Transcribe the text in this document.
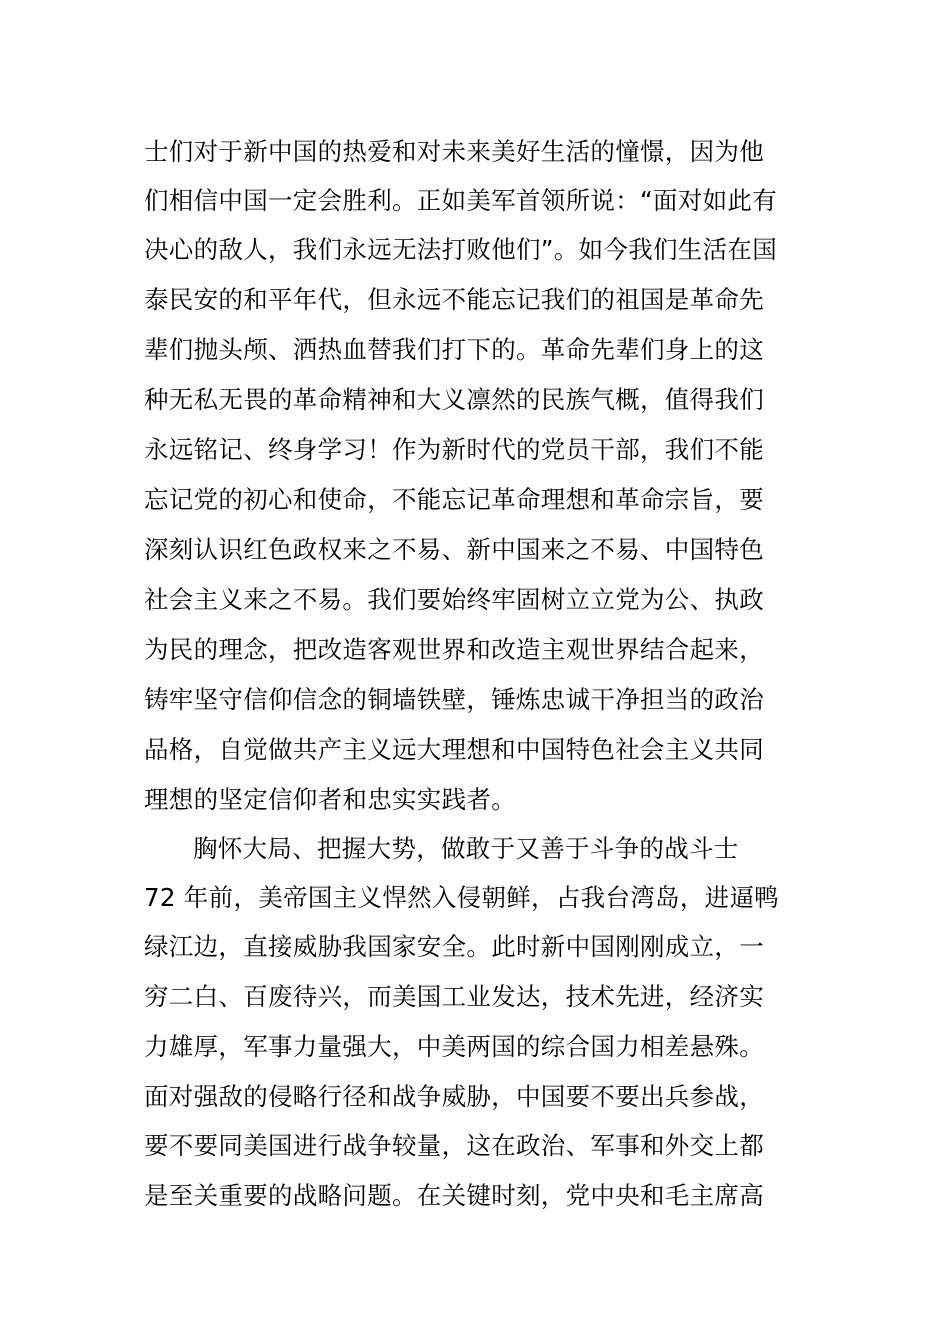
士们对于新中国的热爱和对未来美好生活的憧憬，因为他
们相信中国一定会胜利。正如美军首领所说：“面对如此有
决心的敌人，我们永远无法打败他们”。如今我们生活在国
泰民安的和平年代，但永远不能忘记我们的祖国是革命先
辈们抛头颅、洒热血替我们打下的。革命先辈们身上的这
种无私无畏的革命精神和大义凛然的民族气概，值得我们
永远铭记、终身学习！作为新时代的党员干部，我们不能
忘记党的初心和使命，不能忘记革命理想和革命宗旨，要
深刻认识红色政权来之不易、新中国来之不易、中国特色
社会主义来之不易。我们要始终牢固树立立党为公、执政
为民的理念，把改造客观世界和改造主观世界结合起来，
铸牢坚守信仰信念的铜墙铁壁，锤炼忠诚干净担当的政治
品格，自觉做共产主义远大理想和中国特色社会主义共同
理想的坚定信仰者和忠实实践者。
胸怀大局、把握大势，做敢于又善于斗争的战斗士
72 年前，美帝国主义悍然入侵朝鲜，占我台湾岛，进逼鸭
绿江边，直接威胁我国家安全。此时新中国刚刚成立，一
穷二白、百废待兴，而美国工业发达，技术先进，经济实
力雄厚，军事力量强大，中美两国的综合国力相差悬殊。
面对强敌的侵略行径和战争威胁，中国要不要出兵参战，
要不要同美国进行战争较量，这在政治、军事和外交上都
是至关重要的战略问题。在关键时刻，党中央和毛主席高
